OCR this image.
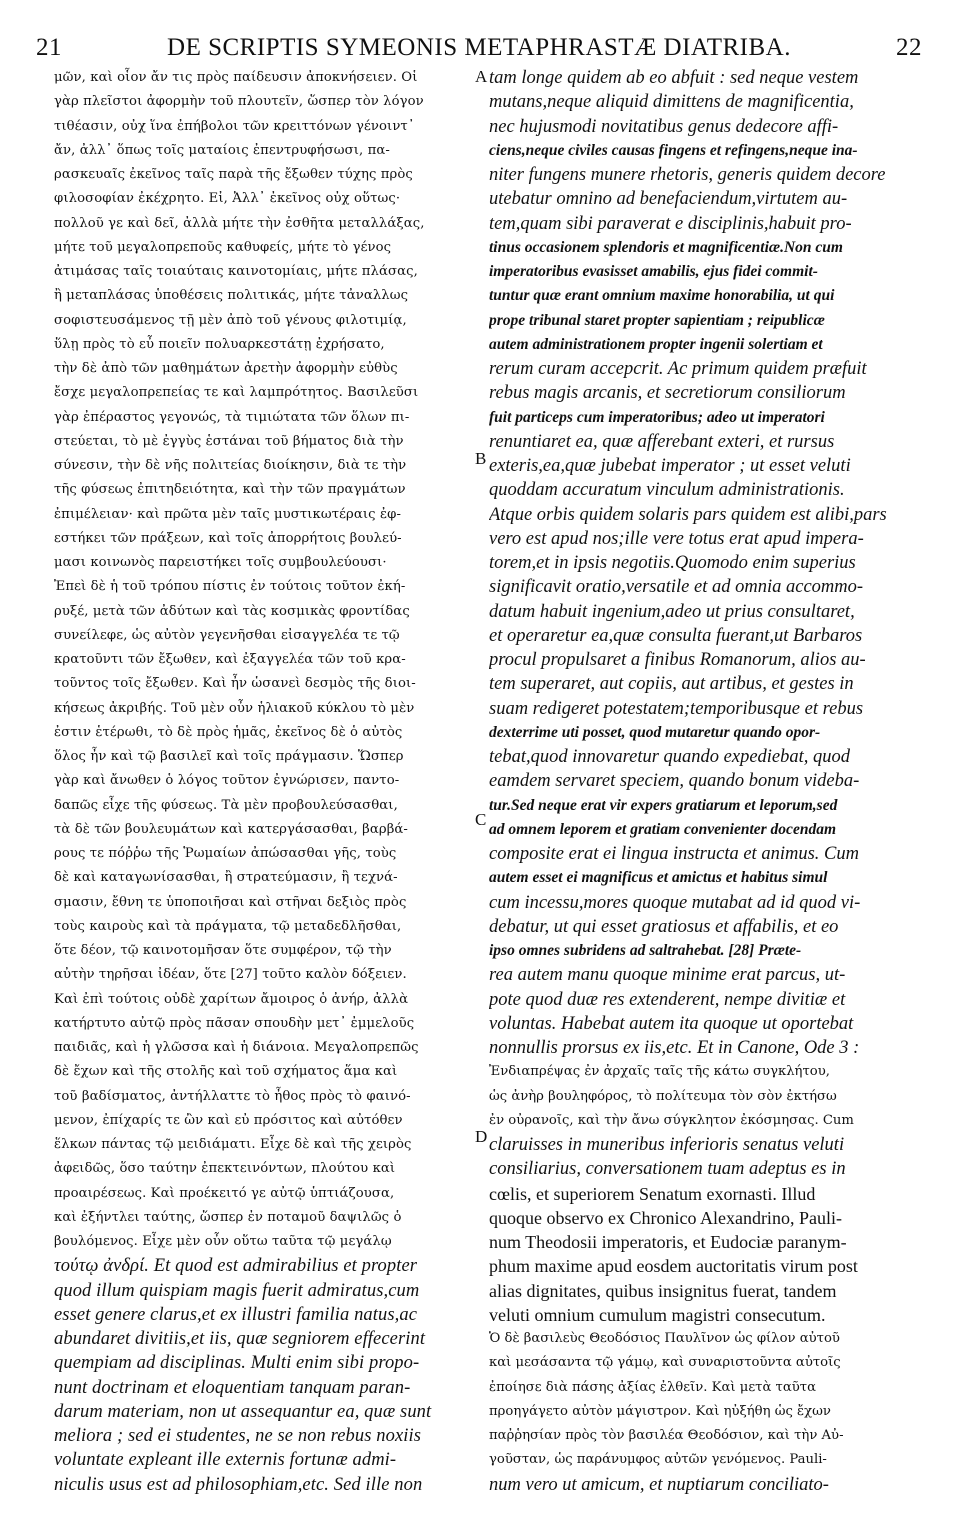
21	DE SCRIPTIS SYMEONIS METAPHRASTÆ DIATRIBA.	22
μῶν, καὶ οἷον ἄν τις πρὸς παίδευσιν ἀποκνήσειεν. Οἱ
γὰρ πλεῖστοι ἀφορμὴν τοῦ πλουτεῖν, ὥσπερ τὸν λόγον
τιθέασιν, οὐχ ἵνα ἐπήβολοι τῶν κρειττόνων γένοιντ᾽
ἄν, ἀλλ᾽ ὅπως τοῖς ματαίοις ἐπεντρυφήσωσι, πα-
ρασκευαῖς ἐκεῖνος ταῖς παρὰ τῆς ἔξωθεν τύχης πρὸς
φιλοσοφίαν ἐκέχρητο. Εἰ, Ἀλλ᾽ ἐκεῖνος οὐχ οὕτως·
πολλοῦ γε καὶ δεῖ, ἀλλὰ μήτε τὴν ἐσθῆτα μεταλλάξας,
μήτε τοῦ μεγαλοπρεποῦς καθυφείς, μήτε τὸ γένος
ἀτιμάσας ταῖς τοιαύταις καινοτομίαις, μήτε πλάσας,
ἢ μεταπλάσας ὑποθέσεις πολιτικάς, μήτε τἀναλλως
σοφιστευσάμενος τῇ μὲν ἀπὸ τοῦ γένους φιλοτιμίᾳ,
ὕλῃ πρὸς τὸ εὖ ποιεῖν πολυαρκεστάτῃ ἐχρήσατο,
τὴν δὲ ἀπὸ τῶν μαθημάτων ἀρετὴν ἀφορμὴν εὐθὺς
ἔσχε μεγαλοπρεπείας τε καὶ λαμπρότητος. Βασιλεῦσι
γὰρ ἐπέραστος γεγονώς, τὰ τιμιώτατα τῶν ὅλων πι-
στεύεται, τὸ μὲ ἐγγὺς ἑστάναι τοῦ βήματος διὰ τὴν
σύνεσιν, τὴν δὲ νῆς πολιτείας διοίκησιν, διὰ τε τὴν
τῆς φύσεως ἐπιτηδειότητα, καὶ τὴν τῶν πραγμάτων
ἐπιμέλειαν· καὶ πρῶτα μὲν ταῖς μυστικωτέραις ἐφ-
εστήκει τῶν πράξεων, καὶ τοῖς ἀπορρήτοις βουλεύ-
μασι κοινωνὸς παρειστήκει τοῖς συμβουλεύουσι·
Ἐπεὶ δὲ ἡ τοῦ τρόπου πίστις ἐν τούτοις τοῦτον ἐκή-
ρυξέ, μετὰ τῶν ἀδύτων καὶ τὰς κοσμικὰς φροντίδας
συνείλεφε, ὡς αὐτὸν γεγενῆσθαι εἰσαγγελέα τε τῷ
κρατοῦντι τῶν ἔξωθεν, καὶ ἐξαγγελέα τῶν τοῦ κρα-
τοῦντος τοῖς ἔξωθεν. Καὶ ἦν ὡσανεὶ δεσμὸς τῆς διοι-
κήσεως ἀκριβής. Τοῦ μὲν οὖν ἡλιακοῦ κύκλου τὸ μὲν
ἐστιν ἑτέρωθι, τὸ δὲ πρὸς ἡμᾶς, ἐκεῖνος δὲ ὁ αὐτὸς
ὅλος ἦν καὶ τῷ βασιλεῖ καὶ τοῖς πράγμασιν. Ὥσπερ
γὰρ καὶ ἄνωθεν ὁ λόγος τοῦτον ἐγνώρισεν, παντο-
δαπῶς εἶχε τῆς φύσεως. Τὰ μὲν προβουλεύσασθαι,
τὰ δὲ τῶν βουλευμάτων καὶ κατεργάσασθαι, βαρβά-
ρους τε πόῤῥω τῆς Ῥωμαίων ἀπώσασθαι γῆς, τοὺς
δὲ καὶ καταγωνίσασθαι, ἢ στρατεύμασιν, ἢ τεχνά-
σμασιν, ἔθνη τε ὑποποιῆσαι καὶ στῆναι δεξιὸς πρὸς
τοὺς καιροὺς καὶ τὰ πράγματα, τῷ μεταδεδλῆσθαι,
ὅτε δέον, τῷ καινοτομῆσαν ὅτε συμφέρον, τῷ τὴν
αὐτὴν τηρῆσαι ἰδέαν, ὅτε [27] τοῦτο καλὸν δόξειεν.
Καὶ ἐπὶ τούτοις οὐδὲ χαρίτων ἄμοιρος ὁ ἀνήρ, ἀλλὰ
κατήρτυτο αὐτῷ πρὸς πᾶσαν σπουδὴν μετ᾽ ἐμμελοῦς
παιδιᾶς, καὶ ἡ γλῶσσα καὶ ἡ διάνοια. Μεγαλοπρεπῶς
δὲ ἔχων καὶ τῆς στολῆς καὶ τοῦ σχήματος ἅμα καὶ
τοῦ βαδίσματος, ἀντήλλαττε τὸ ἦθος πρὸς τὸ φαινό-
μενον, ἐπίχαρίς τε ὢν καὶ εὐ πρόσιτος καὶ αὐτόθεν
ἕλκων πάντας τῷ μειδιάματι. Εἶχε δὲ καὶ τῆς χειρὸς
ἀφειδῶς, ὅσο ταύτην ἐπεκτεινόντων, πλούτου καὶ
προαιρέσεως. Καὶ προέκειτό γε αὐτῷ ὑπτιάζουσα,
καὶ ἐξήντλει ταύτης, ὥσπερ ἐν ποταμοῦ δαψιλῶς ὁ
βουλόμενος. Εἶχε μὲν οὖν οὕτω ταῦτα τῷ μεγάλῳ
τούτῳ ἀνδρί. Et quod est admirabilius et propter
quod illum quispiam magis fuerit admiratus,cum
esset genere clarus,et ex illustri familia natus,ac
abundaret divitiis,et iis, quæ segniorem effecerint
quempiam ad disciplinas. Multi enim sibi propo-
nunt doctrinam et eloquentiam tanquam paran-
darum materiam, non ut assequantur ea, quæ sunt
meliora ; sed ei studentes, ne se non rebus noxiis
voluntate expleant ille externis fortunæ admi-
niculis usus est ad philosophiam,etc. Sed ille non
tam longe quidem ab eo abfuit : sed neque vestem
mutans,neque aliquid dimittens de magnificentia,
nec hujusmodi novitatibus genus dedecore affi-
ciens,neque civiles causas fingens et refingens,neque ina-
niter fungens munere rhetoris, generis quidem decore
utebatur omnino ad benefaciendum,virtutem au-
tem,quam sibi paraverat e disciplinis,habuit pro-
tinus occasionem splendoris et magnificentiæ.Non cum
imperatoribus evasisset amabilis, ejus fidei commit-
tuntur quæ erant omnium maxime honorabilia, ut qui
prope tribunal staret propter sapientiam ; reipublicæ
autem administrationem propter ingenii solertiam et
rerum curam accepcrit. Ac primum quidem præfuit
rebus magis arcanis, et secretiorum consiliorum
fuit particeps cum imperatoribus; adeo ut imperatori
renuntiaret ea, quæ afferebant exteri, et rursus
exteris,ea,quæ jubebat imperator ; ut esset veluti
quoddam accuratum vinculum administrationis.
Atque orbis quidem solaris pars quidem est alibi,pars
vero est apud nos;ille vere totus erat apud impera-
torem,et in ipsis negotiis.Quomodo enim superius
significavit oratio,versatile et ad omnia accommo-
datum habuit ingenium,adeo ut prius consultaret,
et operaretur ea,quæ consulta fuerant,ut Barbaros
procul propulsaret a finibus Romanorum, alios au-
tem superaret, aut copiis, aut artibus, et gestes in
suam redigeret potestatem;temporibusque et rebus
dexterrime uti posset, quod mutaretur quando opor-
tebat,quod innovaretur quando expediebat, quod
eamdem servaret speciem, quando bonum videba-
tur.Sed neque erat vir expers gratiarum et leporum,sed
ad omnem leporem et gratiam convenienter docendam
composite erat ei lingua instructa et animus. Cum
autem esset ei magnificus et amictus et habitus simul
cum incessu,mores quoque mutabat ad id quod vi-
debatur, ut qui esset gratiosus et affabilis, et eo
ipso omnes subridens ad saltrahebat. [28] Præte-
rea autem manu quoque minime erat parcus, ut-
pote quod duæ res extenderent, nempe divitiæ et
voluntas. Habebat autem ita quoque ut oportebat
nonnullis prorsus ex iis,etc. Et in Canone, Ode 3 :
Ἐνδιαπρέψας ἐν ἀρχαῖς ταῖς τῆς κάτω συγκλήτου,
ὡς ἀνὴρ βουληφόρος, τὸ πολίτευμα τὸν σὸν ἐκτήσω
ἐν οὐρανοῖς, καὶ τὴν ἄνω σύγκλητον ἐκόσμησας. Cum
claruisses in muneribus inferioris senatus veluti
consiliarius, conversationem tuam adeptus es in
cœlis, et superiorem Senatum exornasti. Illud
quoque observo ex Chronico Alexandrino, Pauli-
num Theodosii imperatoris, et Eudociæ paranym-
phum maxime apud eosdem auctoritatis virum post
alias dignitates, quibus insignitus fuerat, tandem
veluti omnium cumulum magistri consecutum.
Ὁ δὲ βασιλεὺς Θεοδόσιος Παυλῖνον ὡς φίλον αὐτοῦ
καὶ μεσάσαντα τῷ γάμῳ, καὶ συναριστοῦντα αὐτοῖς
ἐποίησε διὰ πάσης ἀξίας ἐλθεῖν. Καὶ μετὰ ταῦτα
προηγάγετο αὐτὸν μάγιστρον. Καὶ ηὐξήθη ὡς ἔχων
παῤῥησίαν πρὸς τὸν βασιλέα Θεοδόσιον, καὶ τὴν Αὐ-
γοῦσταν, ὡς παράνυμφος αὐτῶν γενόμενος. Pauli-
num vero ut amicum, et nuptiarum conciliato-
A
B
C
D
